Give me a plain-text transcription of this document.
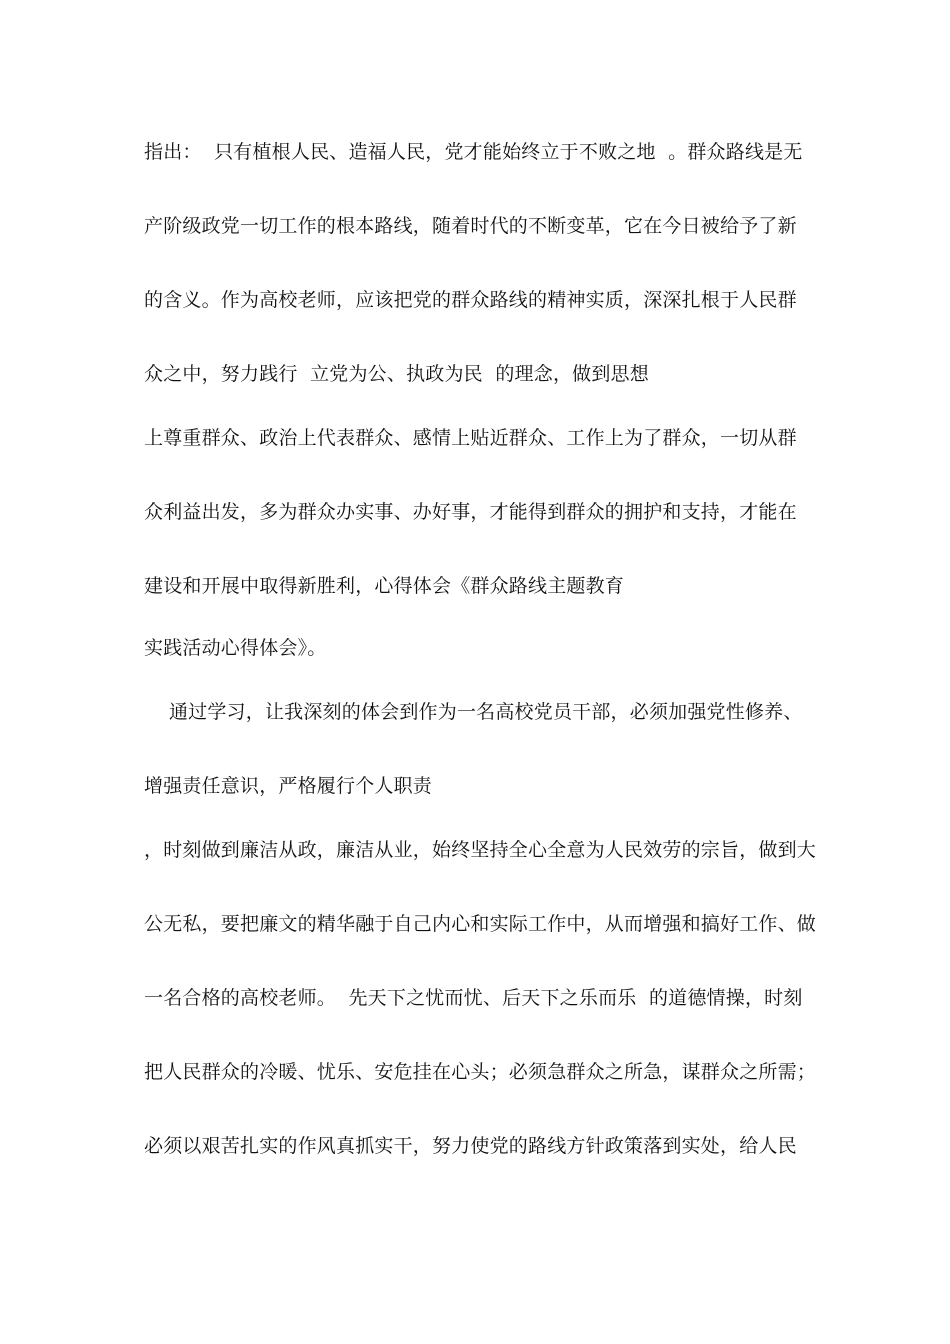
指出：  只有植根人民、造福人民，党才能始终立于不败之地  。群众路线是无
产阶级政党一切工作的根本路线，随着时代的不断变革，它在今日被给予了新
的含义。作为高校老师，应该把党的群众路线的精神实质，深深扎根于人民群
众之中，努力践行  立党为公、执政为民  的理念，做到思想
上尊重群众、政治上代表群众、感情上贴近群众、工作上为了群众，一切从群
众利益出发，多为群众办实事、办好事，才能得到群众的拥护和支持，才能在
建设和开展中取得新胜利，心得体会《群众路线主题教育
实践活动心得体会》。
通过学习，让我深刻的体会到作为一名高校党员干部，必须加强党性修养、
增强责任意识，严格履行个人职责
，时刻做到廉洁从政，廉洁从业，始终坚持全心全意为人民效劳的宗旨，做到大
公无私，要把廉文的精华融于自己内心和实际工作中，从而增强和搞好工作、做
一名合格的高校老师。  先天下之忧而忧、后天下之乐而乐  的道德情操，时刻
把人民群众的冷暖、忧乐、安危挂在心头；必须急群众之所急，谋群众之所需；
必须以艰苦扎实的作风真抓实干，努力使党的路线方针政策落到实处，给人民
